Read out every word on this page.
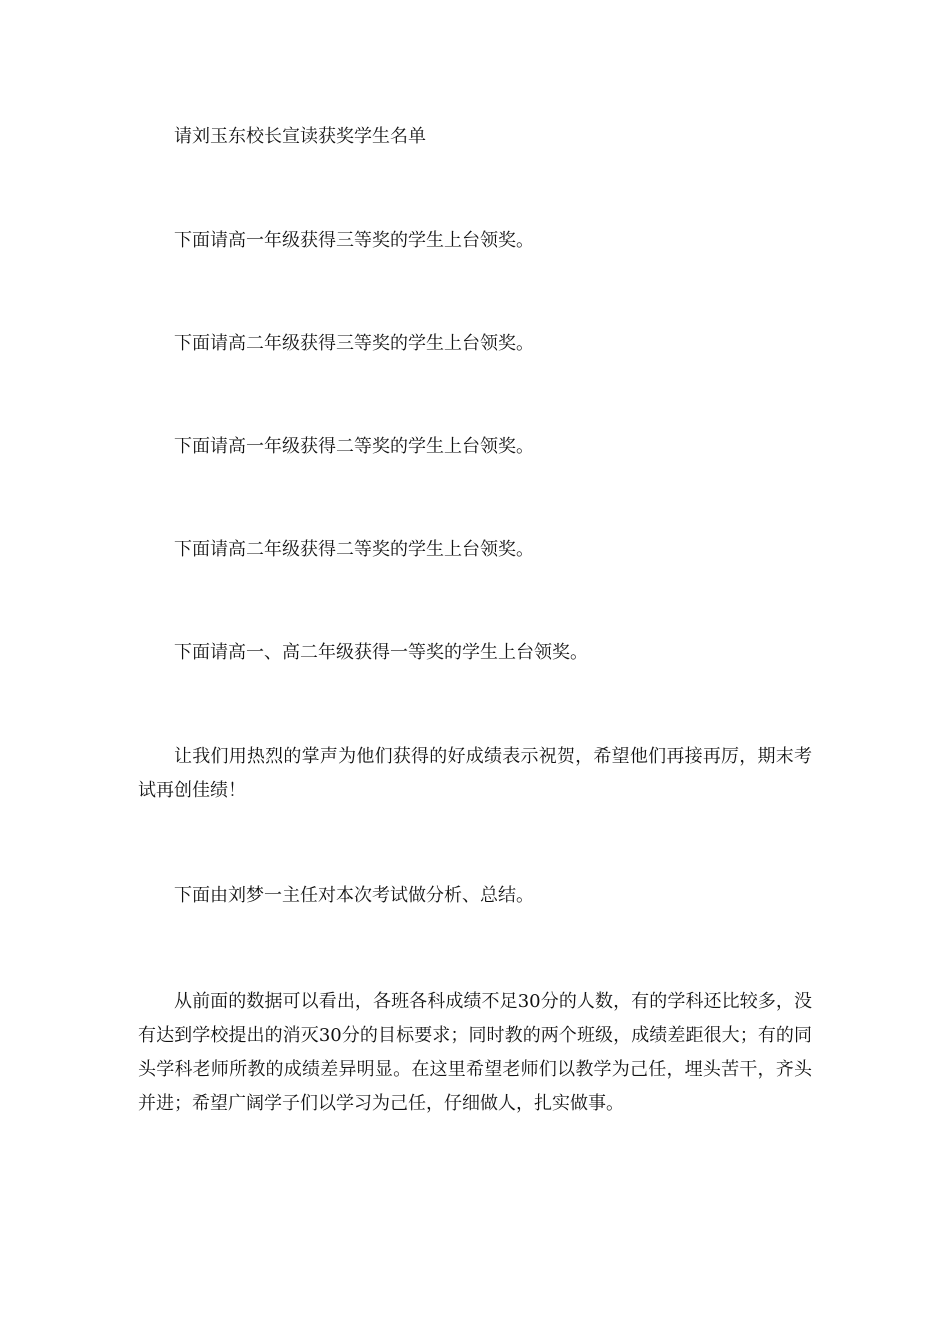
请刘玉东校长宣读获奖学生名单

下面请高一年级获得三等奖的学生上台领奖。

下面请高二年级获得三等奖的学生上台领奖。

下面请高一年级获得二等奖的学生上台领奖。

下面请高二年级获得二等奖的学生上台领奖。

下面请高一、高二年级获得一等奖的学生上台领奖。

让我们用热烈的掌声为他们获得的好成绩表示祝贺，希望他们再接再厉，期末考试再创佳绩！

下面由刘梦一主任对本次考试做分析、总结。

从前面的数据可以看出，各班各科成绩不足30分的人数，有的学科还比较多，没有达到学校提出的消灭30分的目标要求；同时教的两个班级，成绩差距很大；有的同头学科老师所教的成绩差异明显。在这里希望老师们以教学为己任，埋头苦干，齐头并进；希望广阔学子们以学习为己任，仔细做人，扎实做事。
